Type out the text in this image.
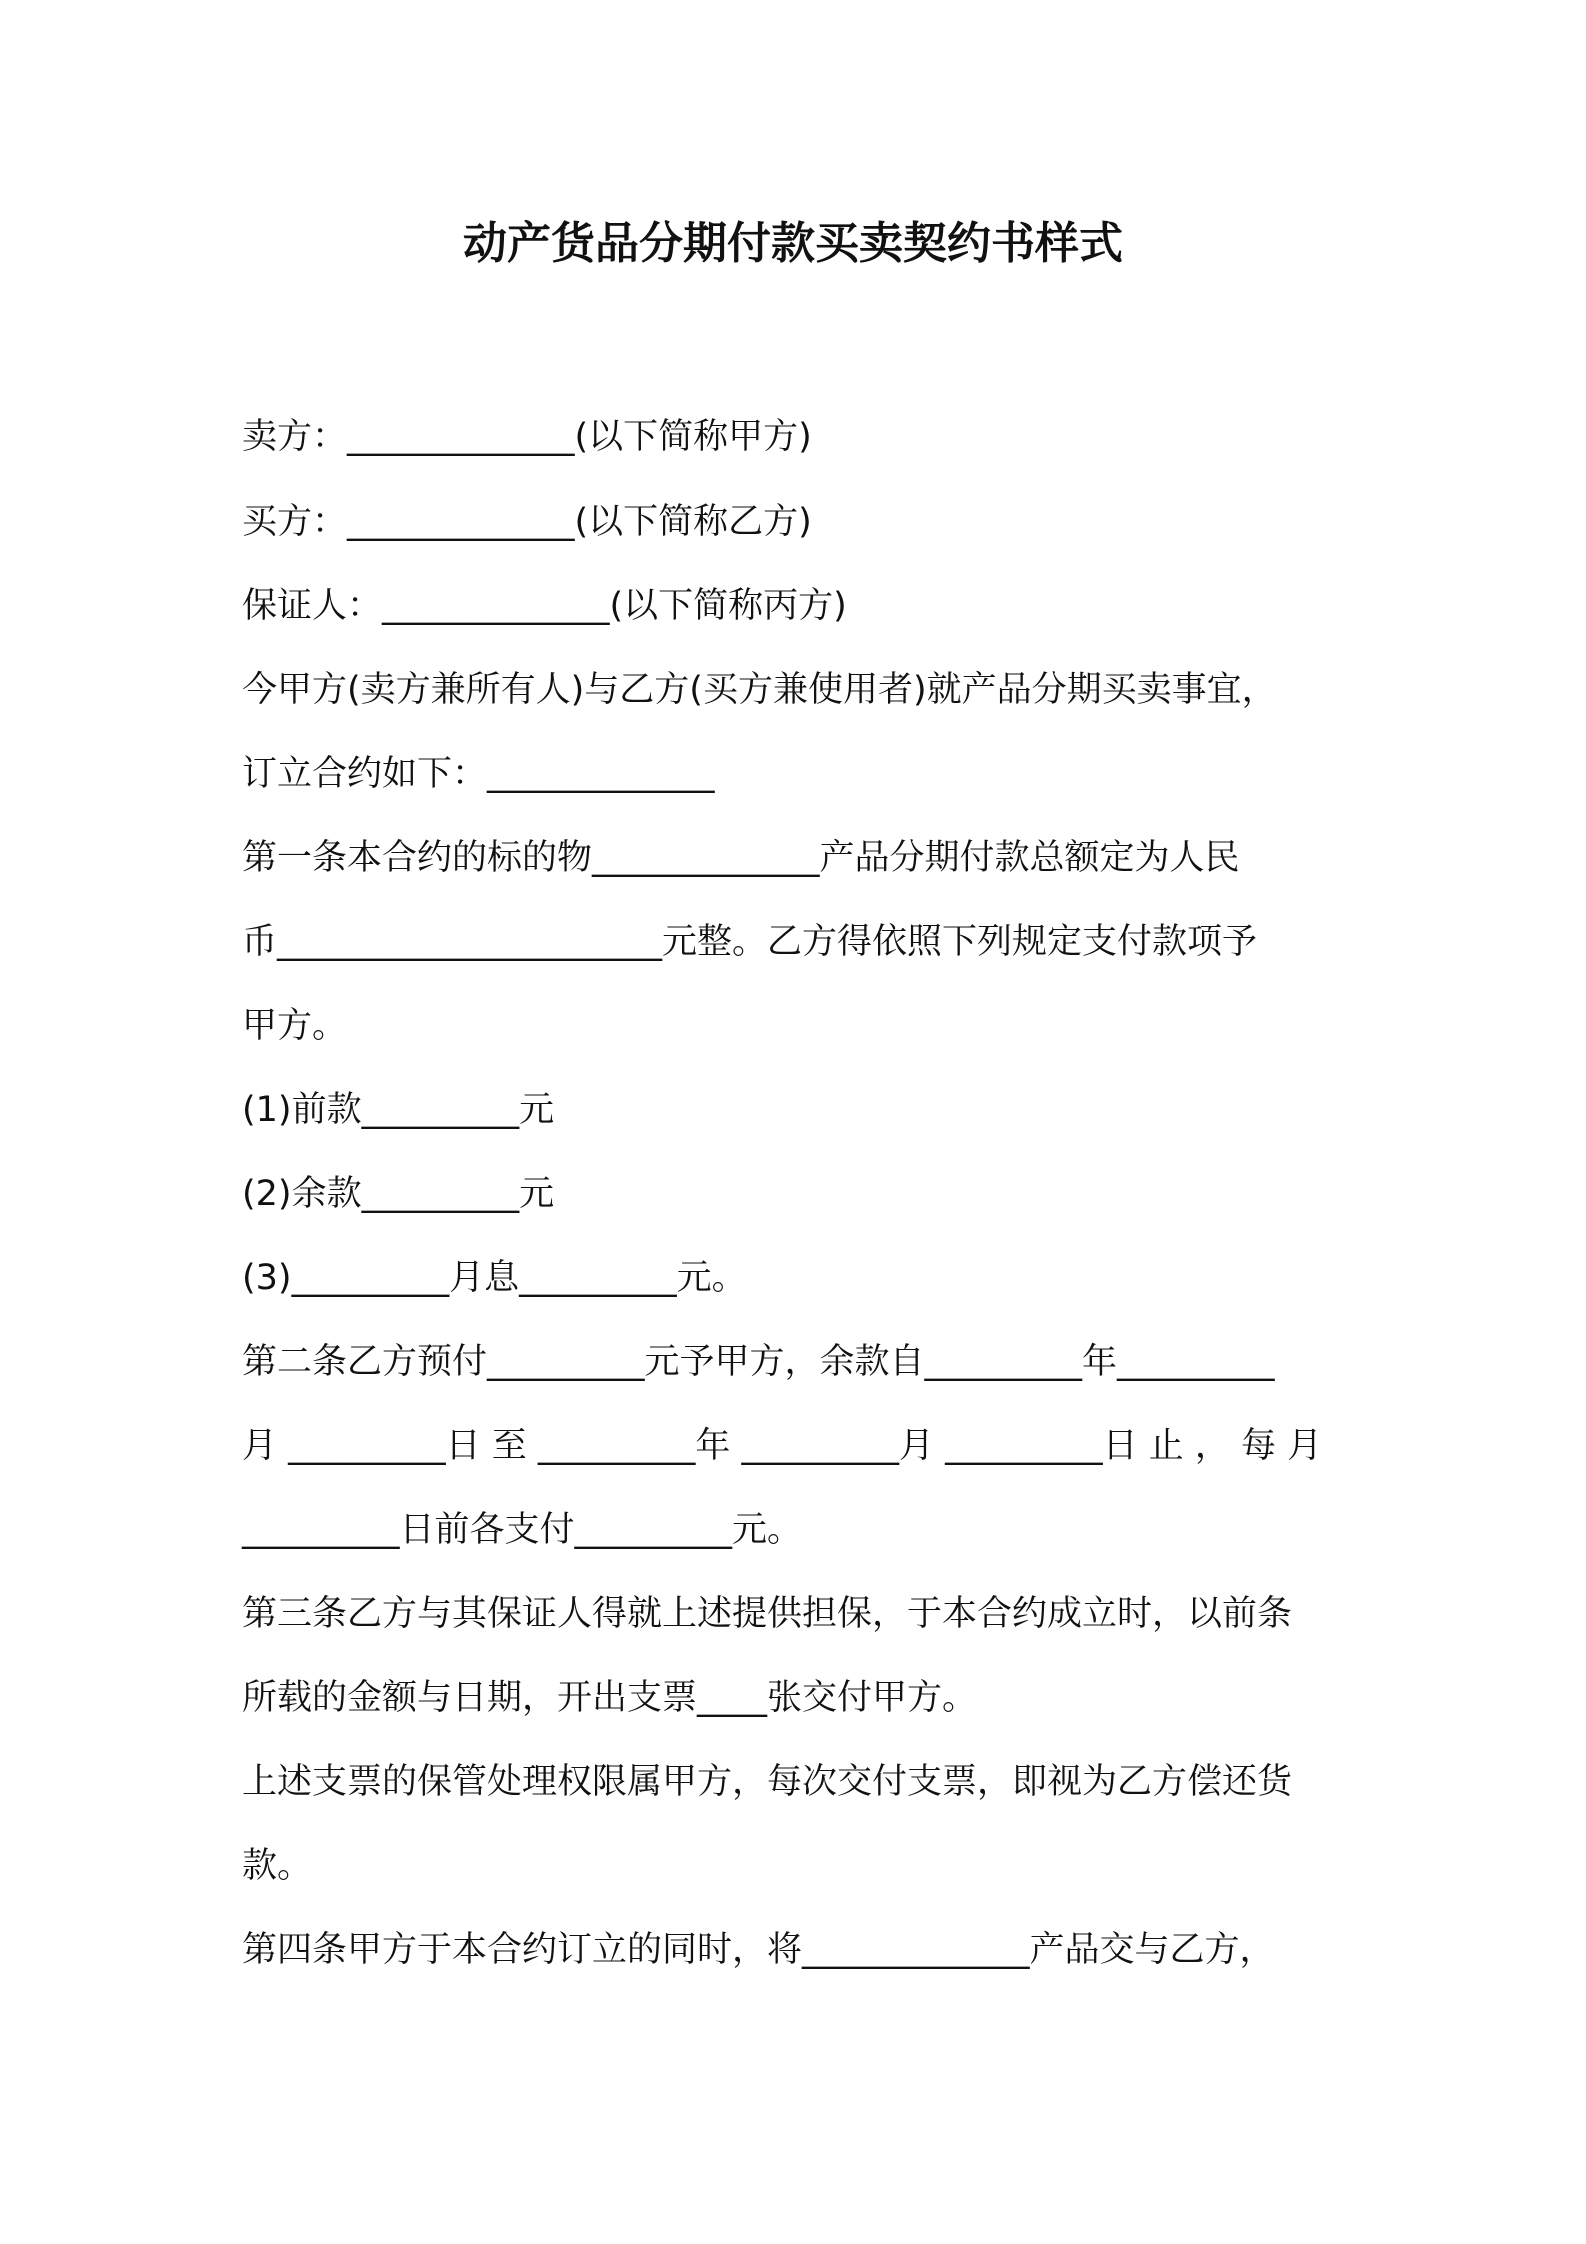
动产货品分期付款买卖契约书样式
卖方：_____________(以下简称甲方)
买方：_____________(以下简称乙方)
保证人：_____________(以下简称丙方)
今甲方(卖方兼所有人)与乙方(买方兼使用者)就产品分期买卖事宜，
订立合约如下：_____________
第一条本合约的标的物_____________产品分期付款总额定为人民
币______________________元整。乙方得依照下列规定支付款项予
甲方。
(1)前款_________元
(2)余款_________元
(3)_________月息_________元。
第二条乙方预付_________元予甲方，余款自_________年_________
月 _________日 至 _________年 _________月 _________日 止 ， 每 月
_________日前各支付_________元。
第三条乙方与其保证人得就上述提供担保，于本合约成立时，以前条
所载的金额与日期，开出支票____张交付甲方。
上述支票的保管处理权限属甲方，每次交付支票，即视为乙方偿还货
款。
第四条甲方于本合约订立的同时，将_____________产品交与乙方，
